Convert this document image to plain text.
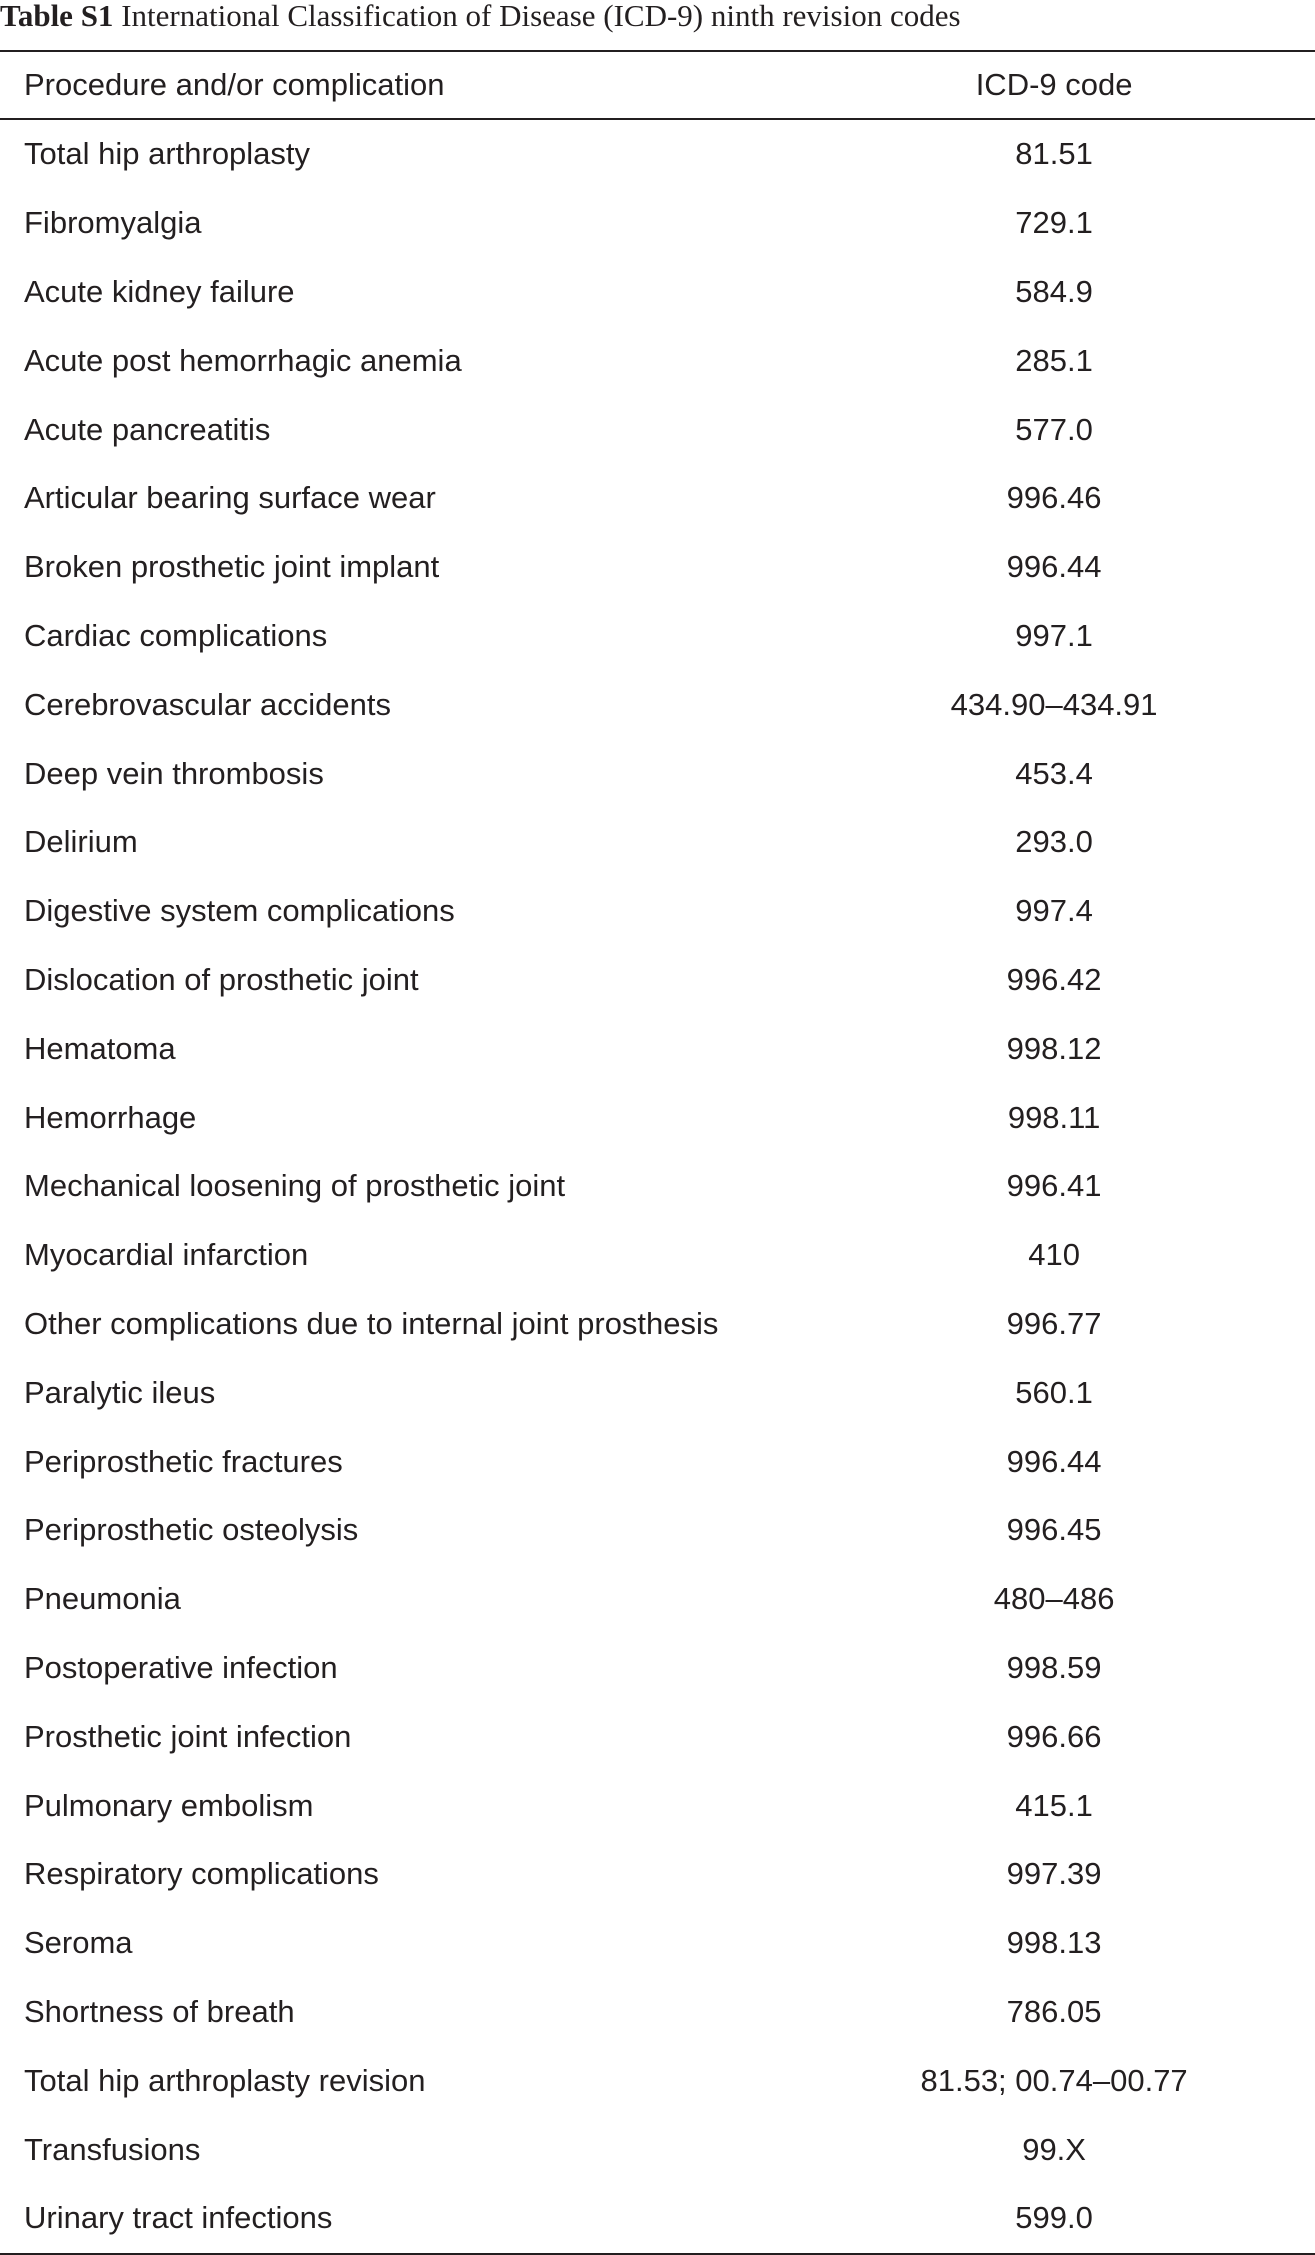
Table S1 International Classification of Disease (ICD-9) ninth revision codes
Procedure and/or complication	ICD-9 code
Total hip arthroplasty	81.51
Fibromyalgia	729.1
Acute kidney failure	584.9
Acute post hemorrhagic anemia	285.1
Acute pancreatitis	577.0
Articular bearing surface wear	996.46
Broken prosthetic joint implant	996.44
Cardiac complications	997.1
Cerebrovascular accidents	434.90–434.91
Deep vein thrombosis	453.4
Delirium	293.0
Digestive system complications	997.4
Dislocation of prosthetic joint	996.42
Hematoma	998.12
Hemorrhage	998.11
Mechanical loosening of prosthetic joint	996.41
Myocardial infarction	410
Other complications due to internal joint prosthesis	996.77
Paralytic ileus	560.1
Periprosthetic fractures	996.44
Periprosthetic osteolysis	996.45
Pneumonia	480–486
Postoperative infection	998.59
Prosthetic joint infection	996.66
Pulmonary embolism	415.1
Respiratory complications	997.39
Seroma	998.13
Shortness of breath	786.05
Total hip arthroplasty revision	81.53; 00.74–00.77
Transfusions	99.X
Urinary tract infections	599.0
